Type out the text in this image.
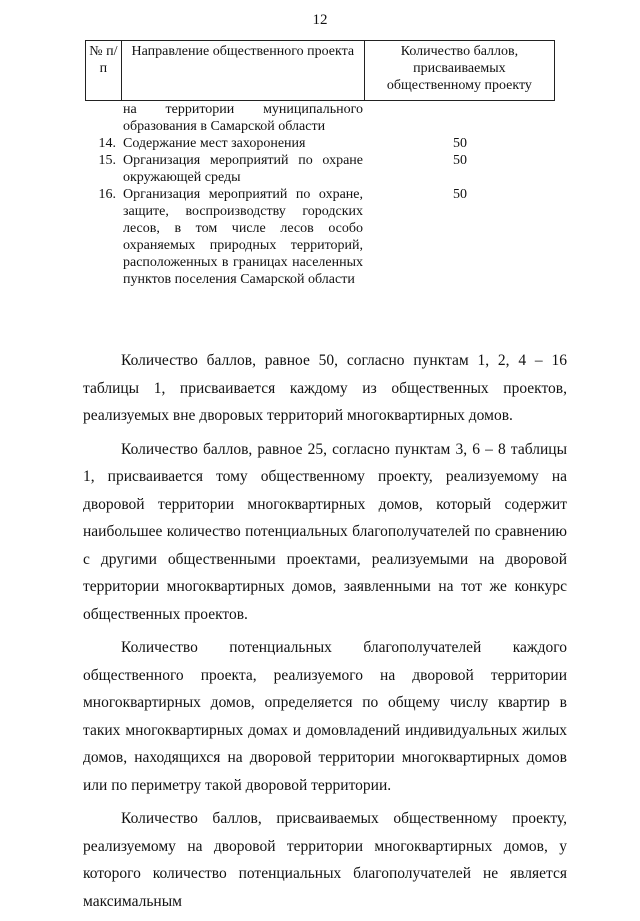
12
№ п/п
Направление общественного проекта	Количество баллов, присваиваемых общественному проекту
на территории муниципального образования в Самарской области
14. Содержание мест захоронения	50
15. Организация мероприятий по охране окружающей среды
50
16. Организация мероприятий по охране, защите, воспроизводству городских лесов, в том числе лесов особо охраняемых природных территорий, расположенных в границах населенных пунктов поселения Самарской области
50

Количество баллов, равное 50, согласно пунктам 1, 2, 4 – 16 таблицы 1, присваивается каждому из общественных проектов, реализуемых вне дворовых территорий многоквартирных домов.

Количество баллов, равное 25, согласно пунктам 3, 6 – 8 таблицы 1, присваивается тому общественному проекту, реализуемому на дворовой территории многоквартирных домов, который содержит наибольшее количество потенциальных благополучателей по сравнению с другими общественными проектами, реализуемыми на дворовой территории многоквартирных домов, заявленными на тот же конкурс общественных проектов.

Количество потенциальных благополучателей каждого общественного проекта, реализуемого на дворовой территории многоквартирных домов, определяется по общему числу квартир в таких многоквартирных домах и домовладений индивидуальных жилых домов, находящихся на дворовой территории многоквартирных домов или по периметру такой дворовой территории.

Количество баллов, присваиваемых общественному проекту, реализуемому на дворовой территории многоквартирных домов, у которого количество потенциальных благополучателей не является максимальным
